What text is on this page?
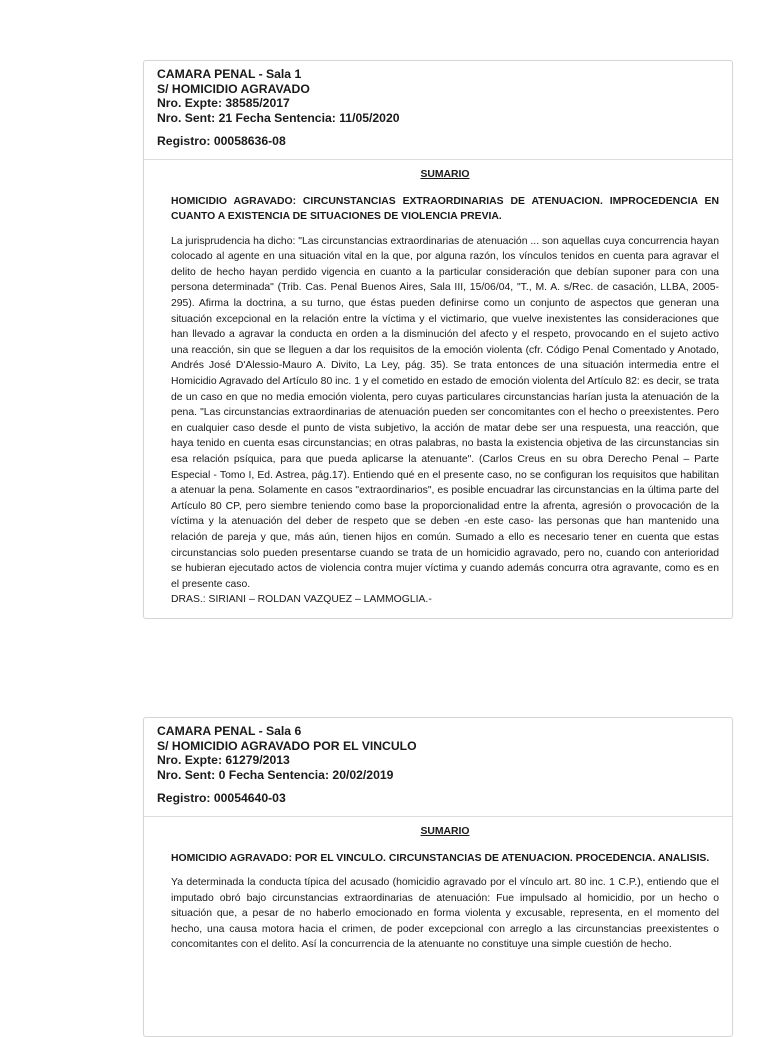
CAMARA PENAL - Sala 1
S/ HOMICIDIO AGRAVADO
Nro. Expte: 38585/2017
Nro. Sent: 21 Fecha Sentencia: 11/05/2020
Registro: 00058636-08
SUMARIO

HOMICIDIO AGRAVADO: CIRCUNSTANCIAS EXTRAORDINARIAS DE ATENUACION. IMPROCEDENCIA EN CUANTO A EXISTENCIA DE SITUACIONES DE VIOLENCIA PREVIA.

La jurisprudencia ha dicho: "Las circunstancias extraordinarias de atenuación ... son aquellas cuya concurrencia hayan colocado al agente en una situación vital en la que, por alguna razón, los vínculos tenidos en cuenta para agravar el delito de hecho hayan perdido vigencia en cuanto a la particular consideración que debían suponer para con una persona determinada" (Trib. Cas. Penal Buenos Aires, Sala III, 15/06/04, "T., M. A. s/Rec. de casación, LLBA, 2005-295). Afirma la doctrina, a su turno, que éstas pueden definirse como un conjunto de aspectos que generan una situación excepcional en la relación entre la víctima y el victimario, que vuelve inexistentes las consideraciones que han llevado a agravar la conducta en orden a la disminución del afecto y el respeto, provocando en el sujeto activo una reacción, sin que se lleguen a dar los requisitos de la emoción violenta (cfr. Código Penal Comentado y Anotado, Andrés José D'Alessio-Mauro A. Divito, La Ley, pág. 35). Se trata entonces de una situación intermedia entre el Homicidio Agravado del Artículo 80 inc. 1 y el cometido en estado de emoción violenta del Artículo 82: es decir, se trata de un caso en que no media emoción violenta, pero cuyas particulares circunstancias harían justa la atenuación de la pena. "Las circunstancias extraordinarias de atenuación pueden ser concomitantes con el hecho o preexistentes. Pero en cualquier caso desde el punto de vista subjetivo, la acción de matar debe ser una respuesta, una reacción, que haya tenido en cuenta esas circunstancias; en otras palabras, no basta la existencia objetiva de las circunstancias sin esa relación psíquica, para que pueda aplicarse la atenuante". (Carlos Creus en su obra Derecho Penal – Parte Especial - Tomo I, Ed. Astrea, pág.17). Entiendo qué en el presente caso, no se configuran los requisitos que habilitan a atenuar la pena. Solamente en casos "extraordinarios", es posible encuadrar las circunstancias en la última parte del Artículo 80 CP, pero siembre teniendo como base la proporcionalidad entre la afrenta, agresión o provocación de la víctima y la atenuación del deber de respeto que se deben -en este caso- las personas que han mantenido una relación de pareja y que, más aún, tienen hijos en común. Sumado a ello es necesario tener en cuenta que estas circunstancias solo pueden presentarse cuando se trata de un homicidio agravado, pero no, cuando con anterioridad se hubieran ejecutado actos de violencia contra mujer víctima y cuando además concurra otra agravante, como es en el presente caso.

DRAS.: SIRIANI – ROLDAN VAZQUEZ – LAMMOGLIA.-

CAMARA PENAL - Sala 6
S/ HOMICIDIO AGRAVADO POR EL VINCULO
Nro. Expte: 61279/2013
Nro. Sent: 0 Fecha Sentencia: 20/02/2019
Registro: 00054640-03
SUMARIO

HOMICIDIO AGRAVADO: POR EL VINCULO. CIRCUNSTANCIAS DE ATENUACION. PROCEDENCIA. ANALISIS.

Ya determinada la conducta típica del acusado (homicidio agravado por el vínculo art. 80 inc. 1 C.P.), entiendo que el imputado obró bajo circunstancias extraordinarias de atenuación: Fue impulsado al homicidio, por un hecho o situación que, a pesar de no haberlo emocionado en forma violenta y excusable, representa, en el momento del hecho, una causa motora hacia el crimen, de poder excepcional con arreglo a las circunstancias preexistentes o concomitantes con el delito. Así la concurrencia de la atenuante no constituye una simple cuestión de hecho.
